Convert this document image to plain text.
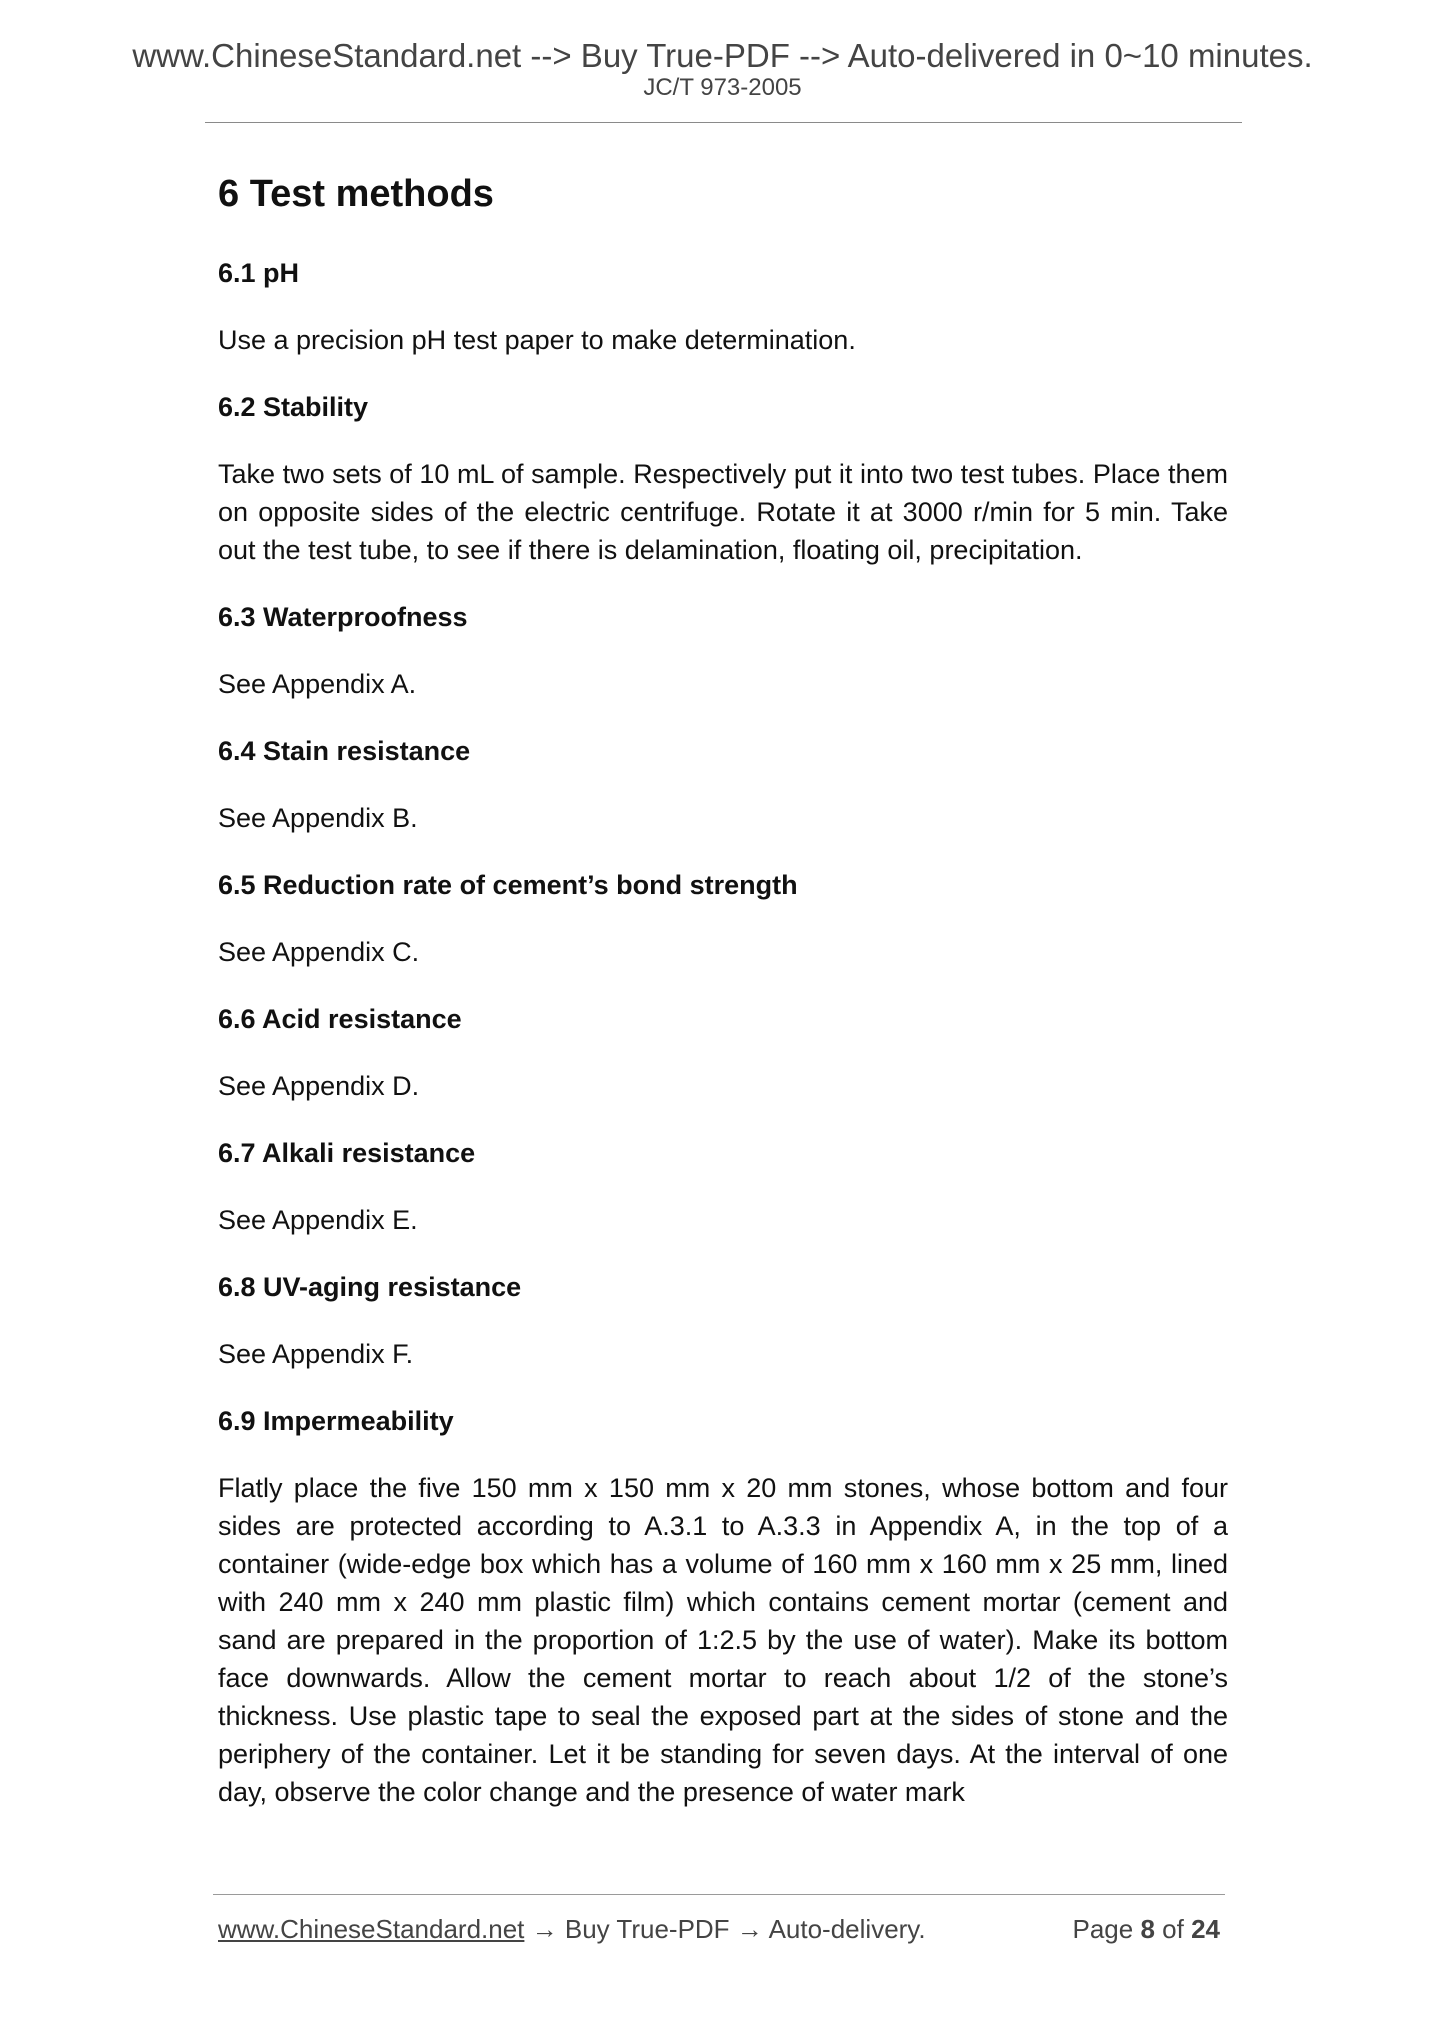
www.ChineseStandard.net --> Buy True-PDF --> Auto-delivered in 0~10 minutes.
JC/T 973-2005
6 Test methods
6.1 pH

Use a precision pH test paper to make determination.

6.2 Stability

Take two sets of 10 mL of sample. Respectively put it into two test tubes. Place them on opposite sides of the electric centrifuge. Rotate it at 3000 r/min for 5 min. Take out the test tube, to see if there is delamination, floating oil, precipitation.

6.3 Waterproofness

See Appendix A.

6.4 Stain resistance

See Appendix B.

6.5 Reduction rate of cement’s bond strength

See Appendix C.

6.6 Acid resistance

See Appendix D.

6.7 Alkali resistance

See Appendix E.

6.8 UV-aging resistance

See Appendix F.

6.9 Impermeability

Flatly place the five 150 mm x 150 mm x 20 mm stones, whose bottom and four sides are protected according to A.3.1 to A.3.3 in Appendix A, in the top of a container (wide-edge box which has a volume of 160 mm x 160 mm x 25 mm, lined with 240 mm x 240 mm plastic film) which contains cement mortar (cement and sand are prepared in the proportion of 1:2.5 by the use of water). Make its bottom face downwards. Allow the cement mortar to reach about 1/2 of the stone’s thickness. Use plastic tape to seal the exposed part at the sides of stone and the periphery of the container. Let it be standing for seven days. At the interval of one day, observe the color change and the presence of water mark

www.ChineseStandard.net → Buy True-PDF → Auto-delivery.	Page 8 of 24
